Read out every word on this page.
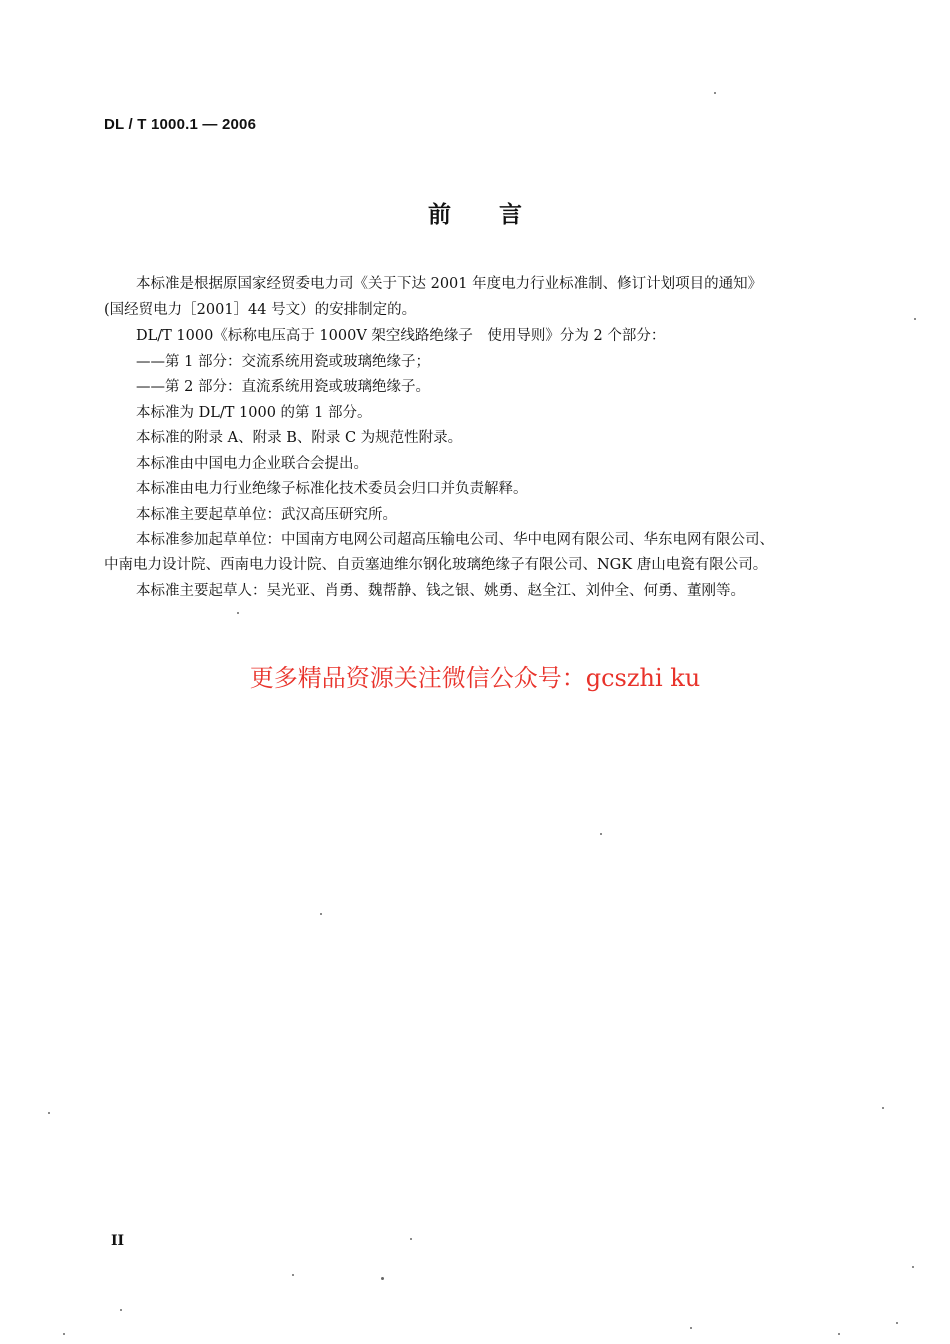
DL / T 1000.1 — 2006
前言
本标准是根据原国家经贸委电力司《关于下达 2001 年度电力行业标准制、修订计划项目的通知》
(国经贸电力［2001］44 号文）的安排制定的。
DL/T 1000《标称电压高于 1000V 架空线路绝缘子　使用导则》分为 2 个部分：
——第 1 部分：交流系统用瓷或玻璃绝缘子；
——第 2 部分：直流系统用瓷或玻璃绝缘子。
本标准为 DL/T 1000 的第 1 部分。
本标准的附录 A、附录 B、附录 C 为规范性附录。
本标准由中国电力企业联合会提出。
本标准由电力行业绝缘子标准化技术委员会归口并负责解释。
本标准主要起草单位：武汉高压研究所。
本标准参加起草单位：中国南方电网公司超高压输电公司、华中电网有限公司、华东电网有限公司、
中南电力设计院、西南电力设计院、自贡塞迪维尔钢化玻璃绝缘子有限公司、NGK 唐山电瓷有限公司。
本标准主要起草人：吴光亚、肖勇、魏帮静、钱之银、姚勇、赵全江、刘仲全、何勇、董刚等。
更多精品资源关注微信公众号：gcszhi ku
II
